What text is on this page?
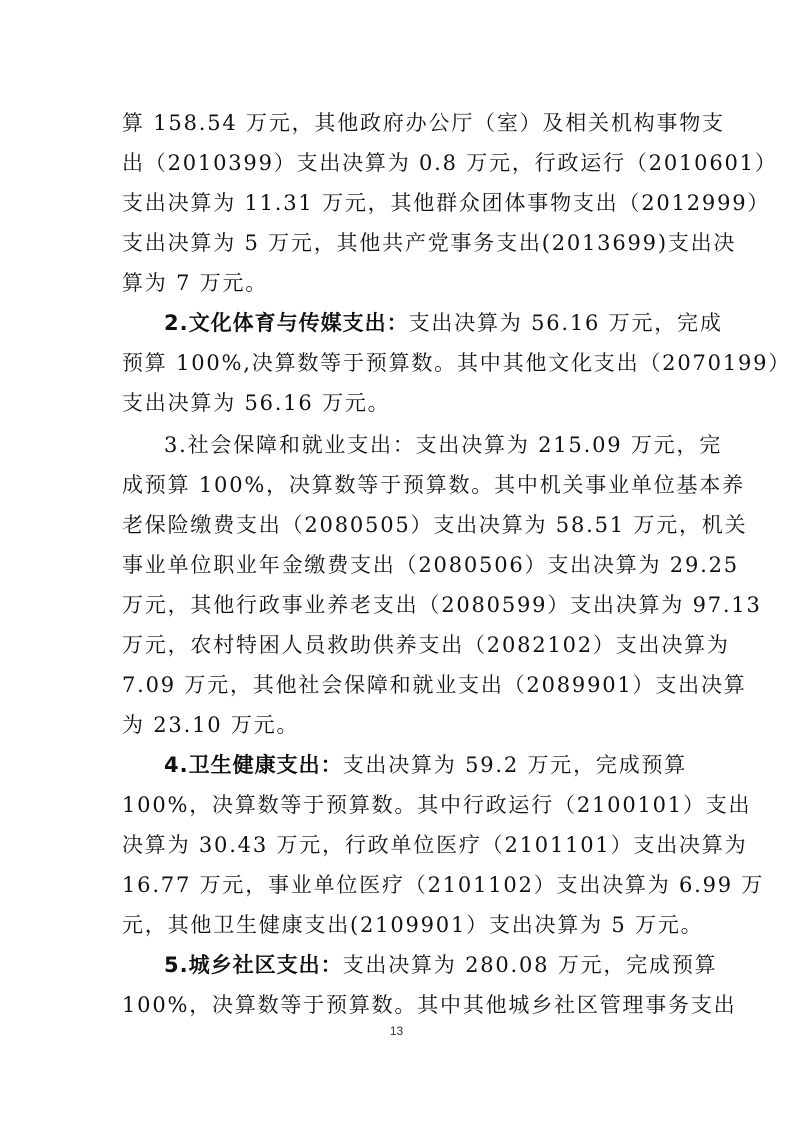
算 158.54 万元，其他政府办公厅（室）及相关机构事物支
出（2010399）支出决算为 0.8 万元，行政运行（2010601）
支出决算为 11.31 万元，其他群众团体事物支出（2012999）
支出决算为 5 万元，其他共产党事务支出(2013699)支出决
算为 7 万元。
2.文化体育与传媒支出：支出决算为 56.16 万元，完成
预算 100%,决算数等于预算数。其中其他文化支出（2070199）
支出决算为 56.16 万元。
3.社会保障和就业支出：支出决算为 215.09 万元，完
成预算 100%，决算数等于预算数。其中机关事业单位基本养
老保险缴费支出（2080505）支出决算为 58.51 万元，机关
事业单位职业年金缴费支出（2080506）支出决算为 29.25
万元，其他行政事业养老支出（2080599）支出决算为 97.13
万元，农村特困人员救助供养支出（2082102）支出决算为
7.09 万元，其他社会保障和就业支出（2089901）支出决算
为 23.10 万元。
4.卫生健康支出：支出决算为 59.2 万元，完成预算
100%，决算数等于预算数。其中行政运行（2100101）支出
决算为 30.43 万元，行政单位医疗（2101101）支出决算为
16.77 万元，事业单位医疗（2101102）支出决算为 6.99 万
元，其他卫生健康支出(2109901）支出决算为 5 万元。
5.城乡社区支出：支出决算为 280.08 万元，完成预算
100%，决算数等于预算数。其中其他城乡社区管理事务支出
13
